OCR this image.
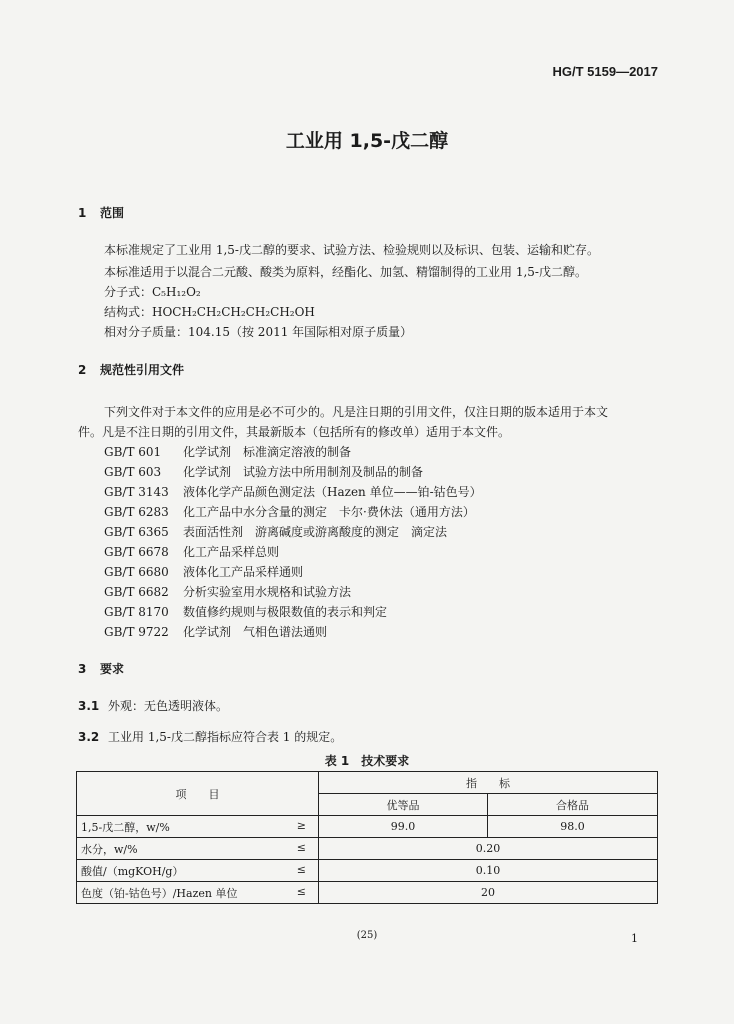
HG/T 5159—2017
工业用 1,5-戊二醇
1 范围
本标准规定了工业用 1,5-戊二醇的要求、试验方法、检验规则以及标识、包装、运输和贮存。
本标准适用于以混合二元酸、酸类为原料，经酯化、加氢、精馏制得的工业用 1,5-戊二醇。
分子式：C₅H₁₂O₂
结构式：HOCH₂CH₂CH₂CH₂CH₂OH
相对分子质量：104.15（按 2011 年国际相对原子质量）
2 规范性引用文件
下列文件对于本文件的应用是必不可少的。凡是注日期的引用文件，仅注日期的版本适用于本文
件。凡是不注日期的引用文件，其最新版本（包括所有的修改单）适用于本文件。
GB/T 601 化学试剂　标准滴定溶液的制备
GB/T 603 化学试剂　试验方法中所用制剂及制品的制备
GB/T 3143 液体化学产品颜色测定法（Hazen 单位——铂-钴色号）
GB/T 6283 化工产品中水分含量的测定　卡尔·费休法（通用方法）
GB/T 6365 表面活性剂　游离碱度或游离酸度的测定　滴定法
GB/T 6678 化工产品采样总则
GB/T 6680 液体化工产品采样通则
GB/T 6682 分析实验室用水规格和试验方法
GB/T 8170 数值修约规则与极限数值的表示和判定
GB/T 9722 化学试剂　气相色谱法通则
3 要求
3.1 外观：无色透明液体。
3.2 工业用 1,5-戊二醇指标应符合表 1 的规定。
表 1　技术要求
项　　目	指　　标	
	优等品	合格品
1,5-戊二醇，w/% ≥	99.0	98.0
水分，w/% ≤	0.20	
酸值/（mgKOH/g） ≤	0.10	
色度（铂-钴色号）/Hazen 单位 ≤	20	
(25)	1
